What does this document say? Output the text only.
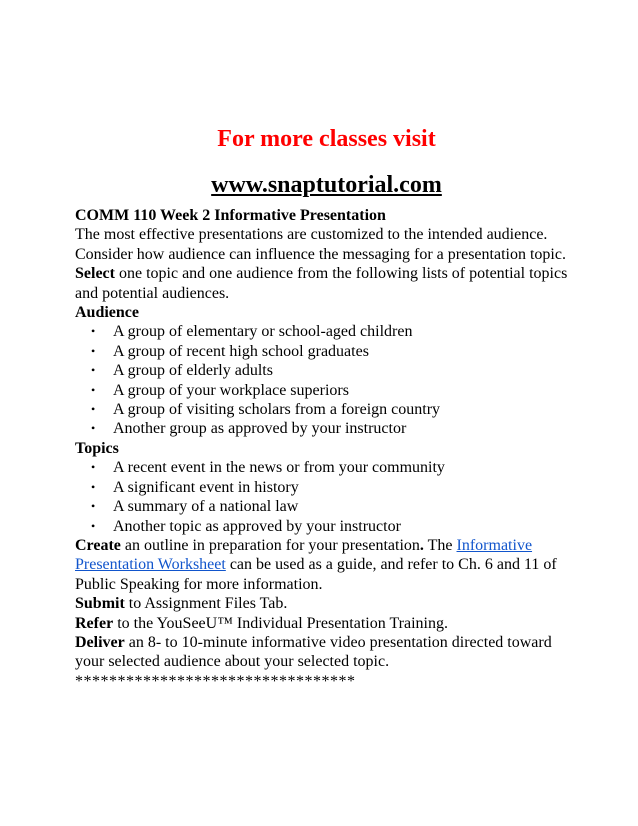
For more classes visit
www.snaptutorial.com

COMM 110 Week 2 Informative Presentation

The most effective presentations are customized to the intended audience. Consider how audience can influence the messaging for a presentation topic.

Select one topic and one audience from the following lists of potential topics and potential audiences.

Audience

• A group of elementary or school-aged children
• A group of recent high school graduates
• A group of elderly adults
• A group of your workplace superiors
• A group of visiting scholars from a foreign country
• Another group as approved by your instructor

Topics

• A recent event in the news or from your community
• A significant event in history
• A summary of a national law
• Another topic as approved by your instructor

Create an outline in preparation for your presentation. The Informative Presentation Worksheet can be used as a guide, and refer to Ch. 6 and 11 of Public Speaking for more information.

Submit to Assignment Files Tab.

Refer to the YouSeeU™ Individual Presentation Training.

Deliver an 8- to 10-minute informative video presentation directed toward your selected audience about your selected topic.

*********************************
